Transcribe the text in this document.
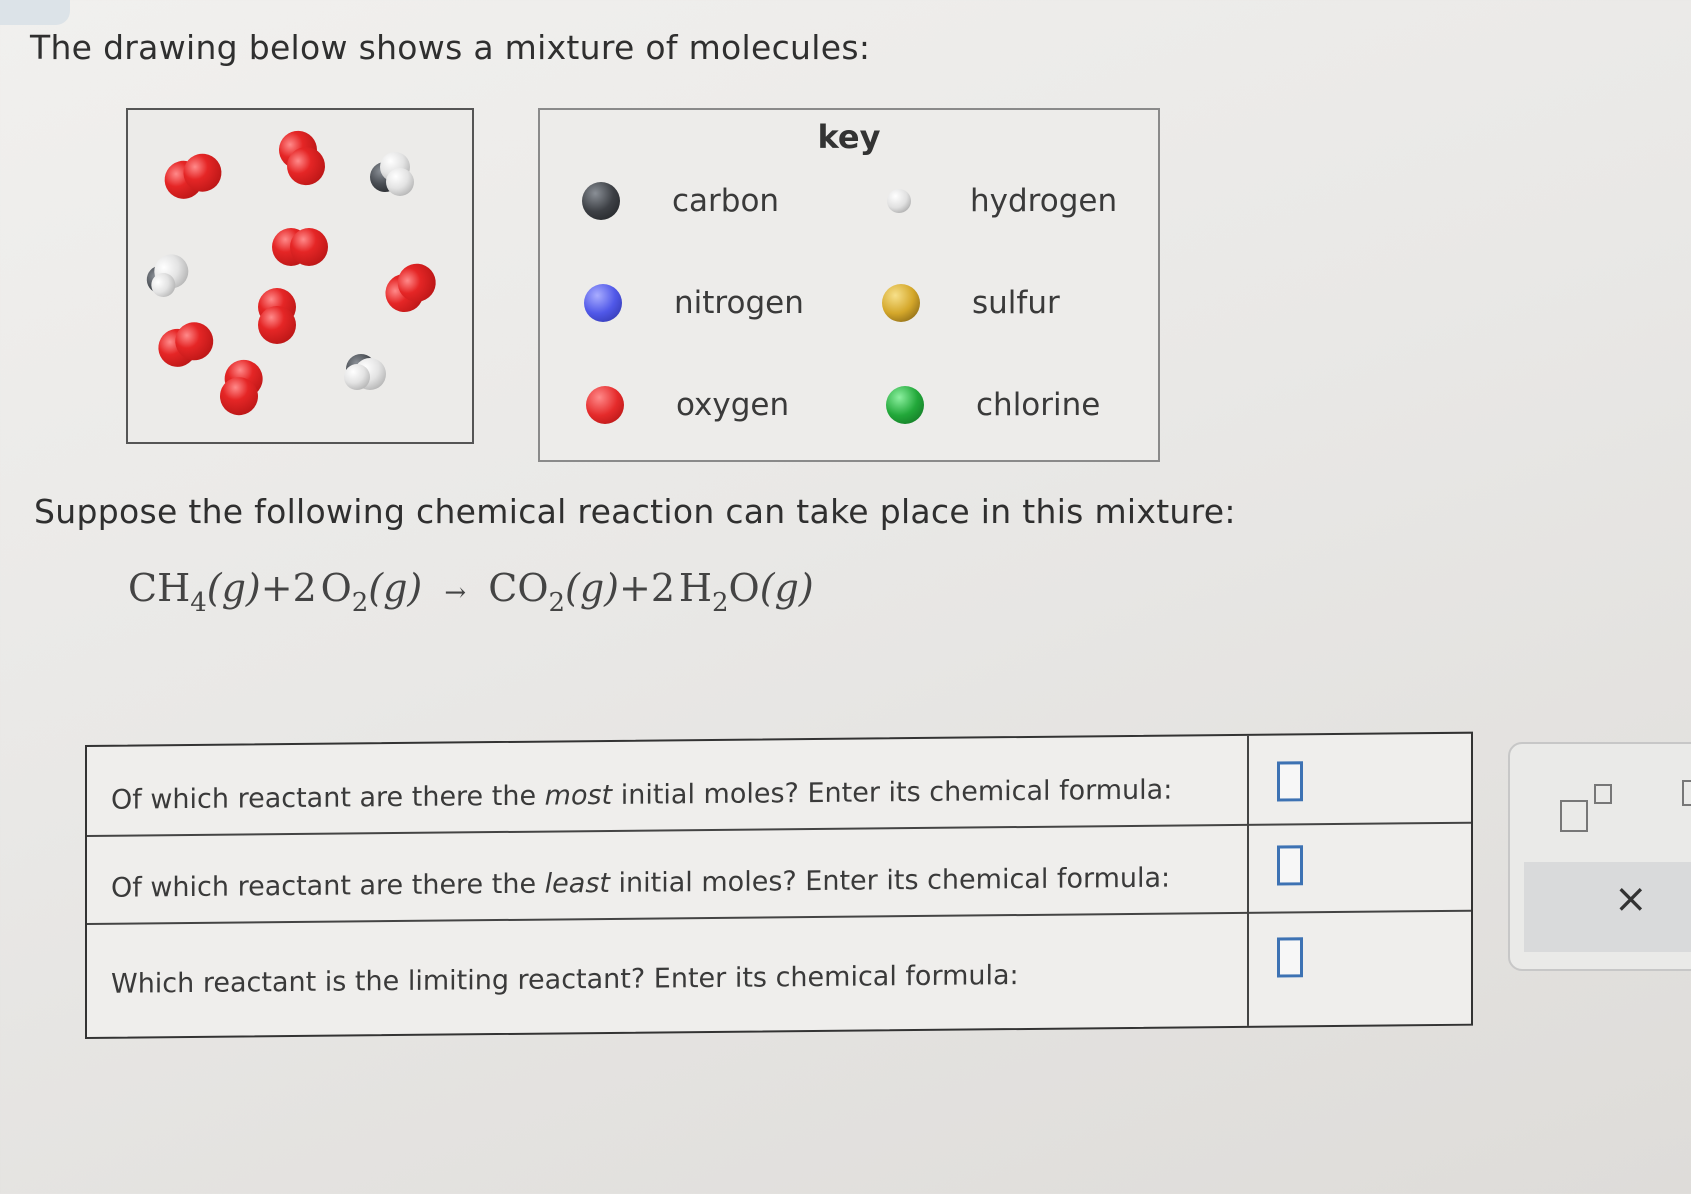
The drawing below shows a mixture of molecules:
key
carbon	hydrogen
nitrogen	sulfur
oxygen	chlorine
Suppose the following chemical reaction can take place in this mixture:
$CH_4(g)+2$ $O_2(g) \to CO_2(g)+2$ $H_2O(g)$
Of which reactant are there the most initial moles? Enter its chemical formula:
Of which reactant are there the least initial moles? Enter its chemical formula:
Which reactant is the limiting reactant? Enter its chemical formula:
×
